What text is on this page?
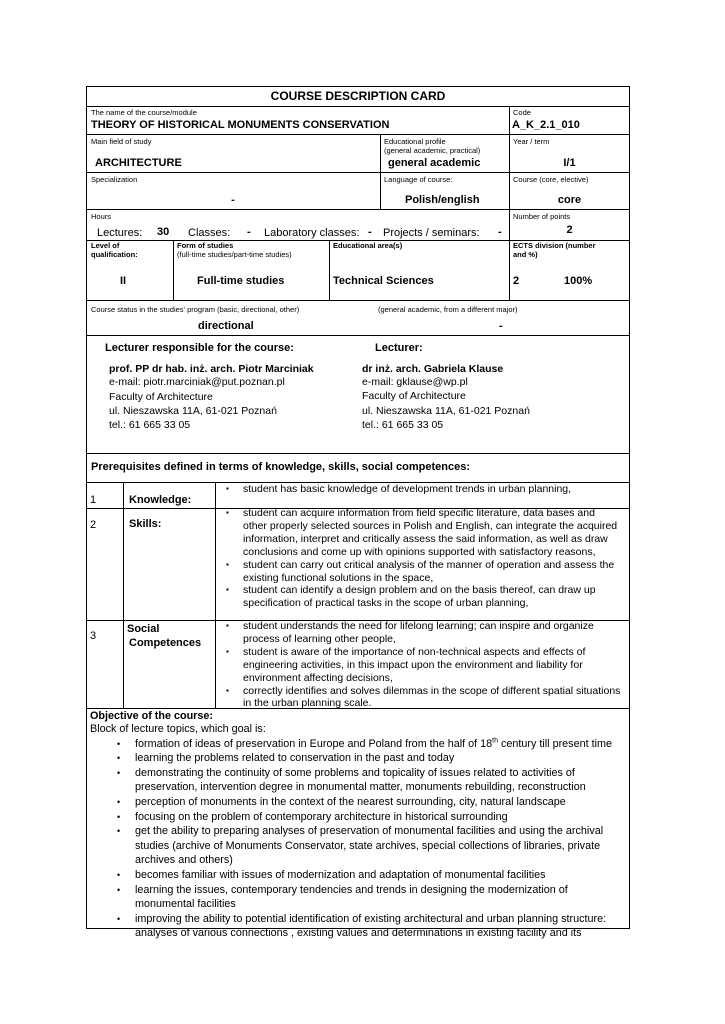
COURSE DESCRIPTION CARD
The name of the course/module
THEORY OF HISTORICAL MONUMENTS CONSERVATION
Code
A_K_2.1_010
Main field of study
ARCHITECTURE
Educational profile
(general academic, practical)
general academic
Year / term
I/1
Specialization
-
Language of course:
Polish/english
Course (core, elective)
core
Hours
Lectures: 30 Classes: - Laboratory classes: - Projects / seminars: -
Number of points
2
Level of
qualification:
II
Form of studies
(full-time studies/part-time studies)
Full-time studies
Educational area(s)
Technical Sciences
ECTS division (number
and %)
2	100%
Course status in the studies' program (basic, directional, other)
directional
(general academic, from a different major)
-
Lecturer responsible for the course:	Lecturer:
prof. PP dr hab. inż. arch. Piotr Marciniak
e-mail: piotr.marciniak@put.poznan.pl
Faculty of Architecture
ul. Nieszawska 11A, 61-021 Poznań
tel.: 61 665 33 05
dr inż. arch. Gabriela Klause
e-mail: gklause@wp.pl
Faculty of Architecture
ul. Nieszawska 11A, 61-021 Poznań
tel.: 61 665 33 05
Prerequisites defined in terms of knowledge, skills, social competences:
1	Knowledge:
▪ student has basic knowledge of development trends in urban planning,
2	Skills:
▪ student can acquire information from field specific literature, data bases and other properly selected sources in Polish and English, can integrate the acquired information, interpret and critically assess the said information, as well as draw conclusions and come up with opinions supported with satisfactory reasons,
▪ student can carry out critical analysis of the manner of operation and assess the existing functional solutions in the space,
▪ student can identify a design problem and on the basis thereof, can draw up specification of practical tasks in the scope of urban planning,
3
Social
Competences
▪ student understands the need for lifelong learning; can inspire and organize process of learning other people,
▪ student is aware of the importance of non-technical aspects and effects of engineering activities, in this impact upon the environment and liability for environment affecting decisions,
▪ correctly identifies and solves dilemmas in the scope of different spatial situations in the urban planning scale.
Objective of the course:
Block of lecture topics, which goal is:
• formation of ideas of preservation in Europe and Poland from the half of 18th century till present time
• learning the problems related to conservation in the past and today
• demonstrating the continuity of some problems and topicality of issues related to activities of preservation, intervention degree in monumental matter, monuments rebuilding, reconstruction
• perception of monuments in the context of the nearest surrounding, city, natural landscape
• focusing on the problem of contemporary architecture in historical surrounding
• get the ability to preparing analyses of preservation of monumental facilities and using the archival studies (archive of Monuments Conservator, state archives, special collections of libraries, private archives and others)
• becomes familiar with issues of modernization and adaptation of monumental facilities
• learning the issues, contemporary tendencies and trends in designing the modernization of monumental facilities
• improving the ability to potential identification of existing architectural and urban planning structure: analyses of various connections , existing values and determinations in existing facility and its
